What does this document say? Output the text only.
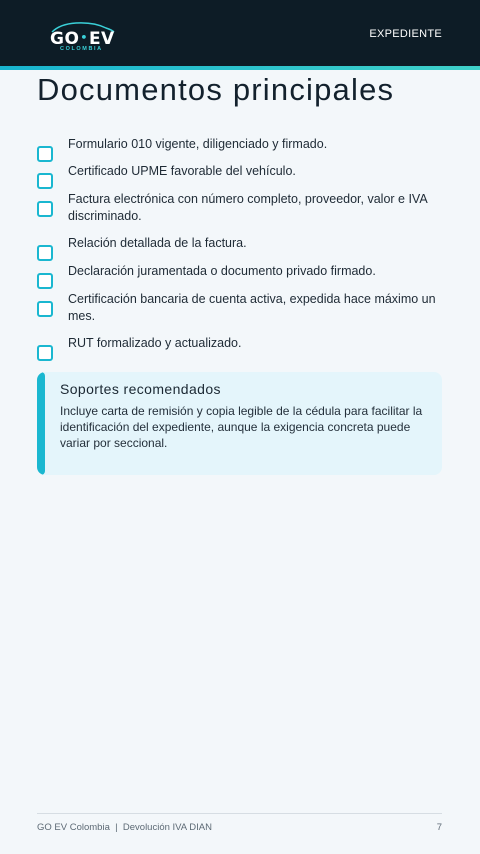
GO•EV
COLOMBIA
EXPEDIENTE
Documentos principales
Formulario 010 vigente, diligenciado y firmado.
Certificado UPME favorable del vehículo.
Factura electrónica con número completo, proveedor, valor e IVA discriminado.
Relación detallada de la factura.
Declaración juramentada o documento privado firmado.
Certificación bancaria de cuenta activa, expedida hace máximo un mes.
RUT formalizado y actualizado.
Soportes recomendados
Incluye carta de remisión y copia legible de la cédula para facilitar la identificación del expediente, aunque la exigencia concreta puede variar por seccional.
GO EV Colombia  |  Devolución IVA DIAN	7
